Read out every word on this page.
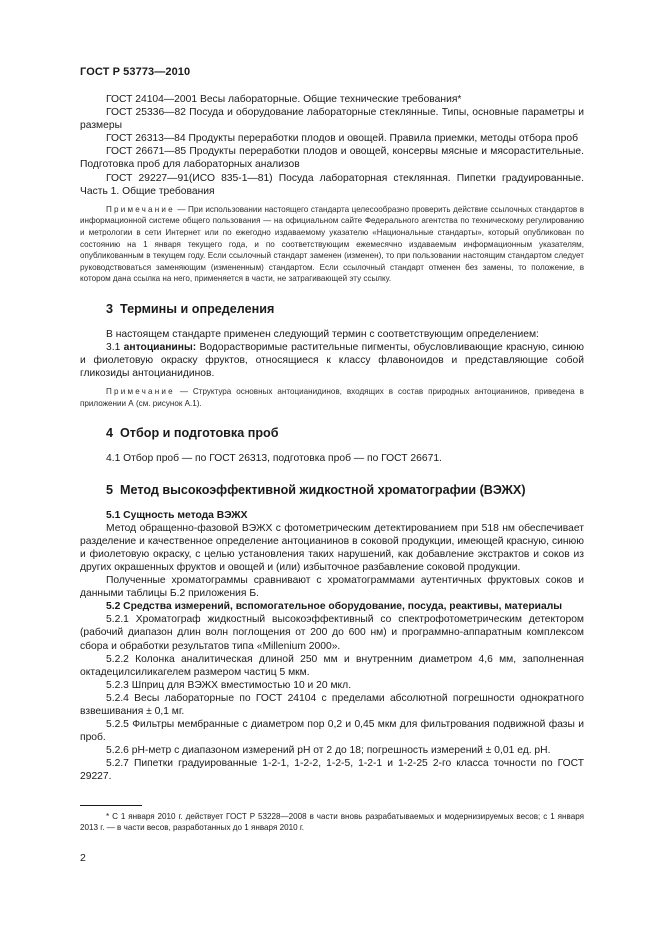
ГОСТ Р 53773—2010

ГОСТ 24104—2001 Весы лабораторные. Общие технические требования*

ГОСТ 25336—82 Посуда и оборудование лабораторные стеклянные. Типы, основные параметры и размеры

ГОСТ 26313—84 Продукты переработки плодов и овощей. Правила приемки, методы отбора проб

ГОСТ 26671—85 Продукты переработки плодов и овощей, консервы мясные и мясорастительные. Подготовка проб для лабораторных анализов

ГОСТ 29227—91(ИСО 835-1—81) Посуда лабораторная стеклянная. Пипетки градуированные. Часть 1. Общие требования

Примечание — При использовании настоящего стандарта целесообразно проверить действие ссылочных стандартов в информационной системе общего пользования — на официальном сайте Федерального агентства по техническому регулированию и метрологии в сети Интернет или по ежегодно издаваемому указателю «Национальные стандарты», который опубликован по состоянию на 1 января текущего года, и по соответствующим ежемесячно издаваемым информационным указателям, опубликованным в текущем году. Если ссылочный стандарт заменен (изменен), то при пользовании настоящим стандартом следует руководствоваться заменяющим (измененным) стандартом. Если ссылочный стандарт отменен без замены, то положение, в котором дана ссылка на него, применяется в части, не затрагивающей эту ссылку.

3 Термины и определения

В настоящем стандарте применен следующий термин с соответствующим определением:

3.1 антоцианины: Водорастворимые растительные пигменты, обусловливающие красную, синюю и фиолетовую окраску фруктов, относящиеся к классу флавоноидов и представляющие собой гликозиды антоцианидинов.

Примечание — Структура основных антоцианидинов, входящих в состав природных антоцианинов, приведена в приложении А (см. рисунок А.1).

4 Отбор и подготовка проб

4.1 Отбор проб — по ГОСТ 26313, подготовка проб — по ГОСТ 26671.

5 Метод высокоэффективной жидкостной хроматографии (ВЭЖХ)

5.1 Сущность метода ВЭЖХ

Метод обращенно-фазовой ВЭЖХ с фотометрическим детектированием при 518 нм обеспечивает разделение и качественное определение антоцианинов в соковой продукции, имеющей красную, синюю и фиолетовую окраску, с целью установления таких нарушений, как добавление экстрактов и соков из других окрашенных фруктов и овощей и (или) избыточное разбавление соковой продукции.

Полученные хроматограммы сравнивают с хроматограммами аутентичных фруктовых соков и данными таблицы Б.2 приложения Б.

5.2 Средства измерений, вспомогательное оборудование, посуда, реактивы, материалы

5.2.1 Хроматограф жидкостный высокоэффективный со спектрофотометрическим детектором (рабочий диапазон длин волн поглощения от 200 до 600 нм) и программно-аппаратным комплексом сбора и обработки результатов типа «Millenium 2000».

5.2.2 Колонка аналитическая длиной 250 мм и внутренним диаметром 4,6 мм, заполненная октадецилсиликагелем размером частиц 5 мкм.

5.2.3 Шприц для ВЭЖХ вместимостью 10 и 20 мкл.

5.2.4 Весы лабораторные по ГОСТ 24104 с пределами абсолютной погрешности однократного взвешивания ± 0,1 мг.

5.2.5 Фильтры мембранные с диаметром пор 0,2 и 0,45 мкм для фильтрования подвижной фазы и проб.

5.2.6 рН-метр с диапазоном измерений рН от 2 до 18; погрешность измерений ± 0,01 ед. рН.

5.2.7 Пипетки градуированные 1-2-1, 1-2-2, 1-2-5, 1-2-1 и 1-2-25 2-го класса точности по ГОСТ 29227.

* С 1 января 2010 г. действует ГОСТ Р 53228—2008 в части вновь разрабатываемых и модернизируемых весов; с 1 января 2013 г. — в части весов, разработанных до 1 января 2010 г.

2
